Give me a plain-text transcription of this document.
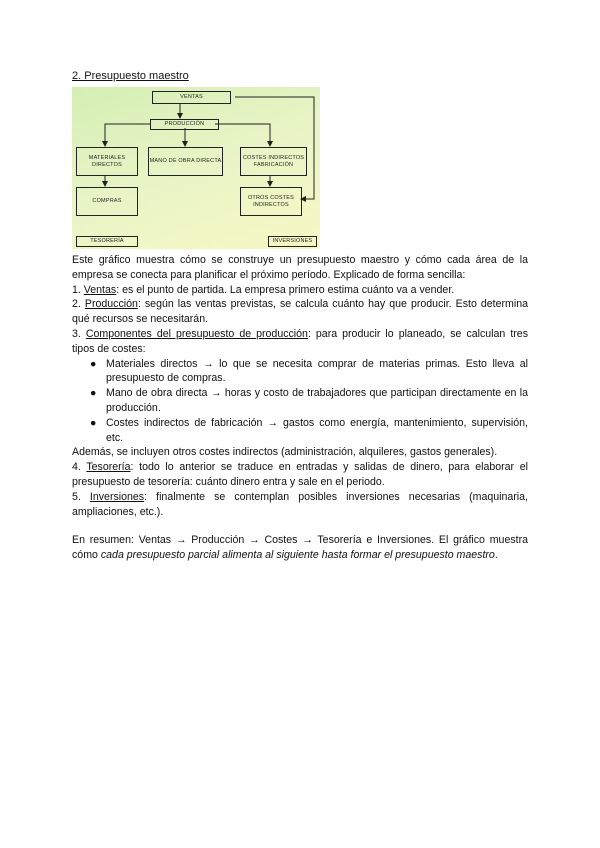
2. Presupuesto maestro
VENTAS
PRODUCCIÓN
MATERIALES DIRECTOS
MANO DE OBRA DIRECTA
COSTES INDIRECTOS FABRICACIÓN
COMPRAS
OTROS COSTES INDIRECTOS
TESORERÍA	INVERSIONES

Este gráfico muestra cómo se construye un presupuesto maestro y cómo cada área de la empresa se conecta para planificar el próximo período. Explicado de forma sencilla:

1. Ventas: es el punto de partida. La empresa primero estima cuánto va a vender.

2. Producción: según las ventas previstas, se calcula cuánto hay que producir. Esto determina qué recursos se necesitarán.

3. Componentes del presupuesto de producción: para producir lo planeado, se calculan tres tipos de costes:

● Materiales directos → lo que se necesita comprar de materias primas. Esto lleva al presupuesto de compras.
● Mano de obra directa → horas y costo de trabajadores que participan directamente en la producción.
● Costes indirectos de fabricación → gastos como energía, mantenimiento, supervisión, etc.

Además, se incluyen otros costes indirectos (administración, alquileres, gastos generales).

4. Tesorería: todo lo anterior se traduce en entradas y salidas de dinero, para elaborar el presupuesto de tesorería: cuánto dinero entra y sale en el periodo.

5. Inversiones: finalmente se contemplan posibles inversiones necesarias (maquinaria, ampliaciones, etc.).

En resumen: Ventas → Producción → Costes → Tesorería e Inversiones. El gráfico muestra cómo cada presupuesto parcial alimenta al siguiente hasta formar el presupuesto maestro.
